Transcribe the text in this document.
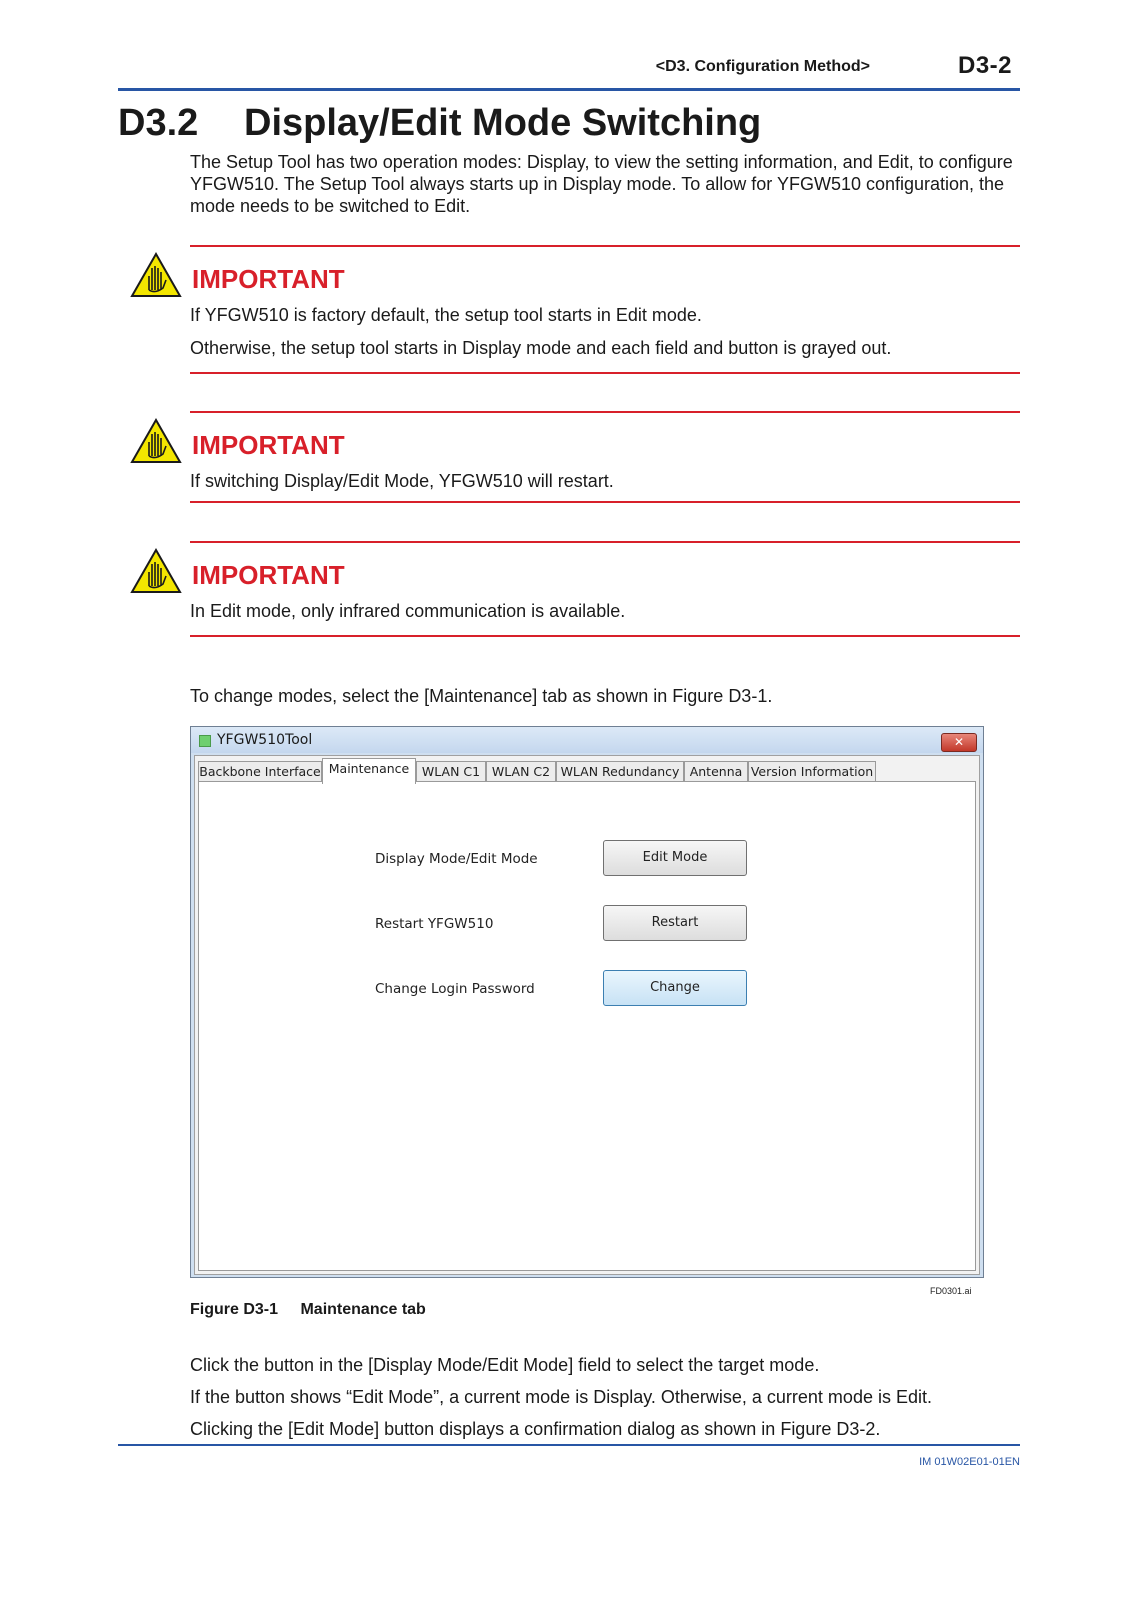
<D3. Configuration Method>	D3-2
D3.2 Display/Edit Mode Switching
The Setup Tool has two operation modes: Display, to view the setting information, and Edit, to configure YFGW510. The Setup Tool always starts up in Display mode. To allow for YFGW510 configuration, the mode needs to be switched to Edit.
IMPORTANT
If YFGW510 is factory default, the setup tool starts in Edit mode.
Otherwise, the setup tool starts in Display mode and each field and button is grayed out.
IMPORTANT
If switching Display/Edit Mode, YFGW510 will restart.
IMPORTANT
In Edit mode, only infrared communication is available.
To change modes, select the [Maintenance] tab as shown in Figure D3-1.
YFGW510Tool	✕
Backbone Interface Maintenance	WLAN C1 WLAN C2 WLAN Redundancy Antenna Version Information
Display Mode/Edit Mode	Edit Mode
Restart YFGW510	Restart
Change Login Password	Change
FD0301.ai
Figure D3-1 Maintenance tab
Click the button in the [Display Mode/Edit Mode] field to select the target mode.
If the button shows “Edit Mode”, a current mode is Display. Otherwise, a current mode is Edit.
Clicking the [Edit Mode] button displays a confirmation dialog as shown in Figure D3-2.
IM 01W02E01-01EN
